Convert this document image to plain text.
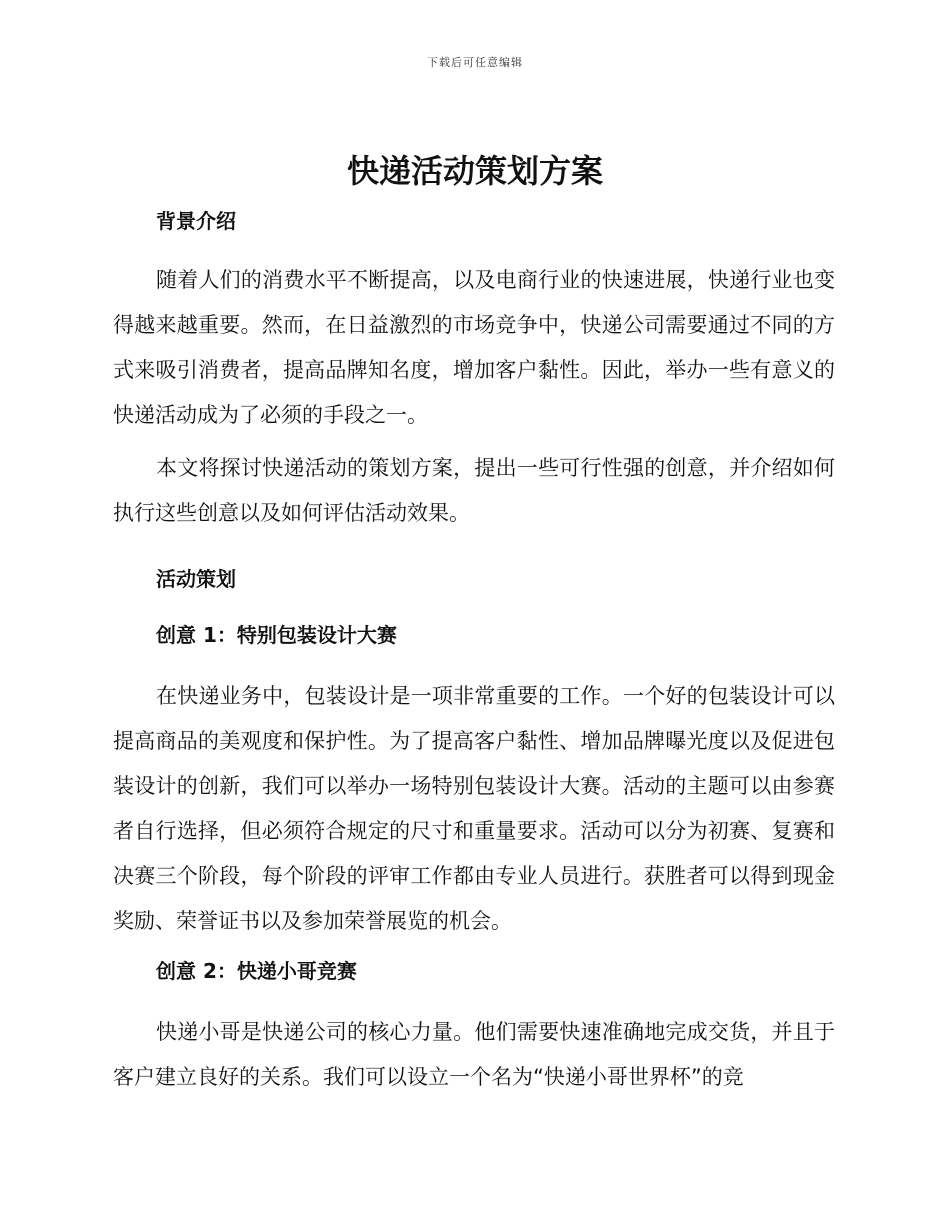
下载后可任意编辑
快递活动策划方案
背景介绍

随着人们的消费水平不断提高，以及电商行业的快速进展，快递行业也变得越来越重要。然而，在日益激烈的市场竞争中，快递公司需要通过不同的方式来吸引消费者，提高品牌知名度，增加客户黏性。因此，举办一些有意义的快递活动成为了必须的手段之一。

本文将探讨快递活动的策划方案，提出一些可行性强的创意，并介绍如何执行这些创意以及如何评估活动效果。

活动策划
创意 1：特别包装设计大赛

在快递业务中，包装设计是一项非常重要的工作。一个好的包装设计可以提高商品的美观度和保护性。为了提高客户黏性、增加品牌曝光度以及促进包装设计的创新，我们可以举办一场特别包装设计大赛。活动的主题可以由参赛者自行选择，但必须符合规定的尺寸和重量要求。活动可以分为初赛、复赛和决赛三个阶段，每个阶段的评审工作都由专业人员进行。获胜者可以得到现金奖励、荣誉证书以及参加荣誉展览的机会。

创意 2：快递小哥竞赛

快递小哥是快递公司的核心力量。他们需要快速准确地完成交货，并且于客户建立良好的关系。我们可以设立一个名为“快递小哥世界杯”的竞
